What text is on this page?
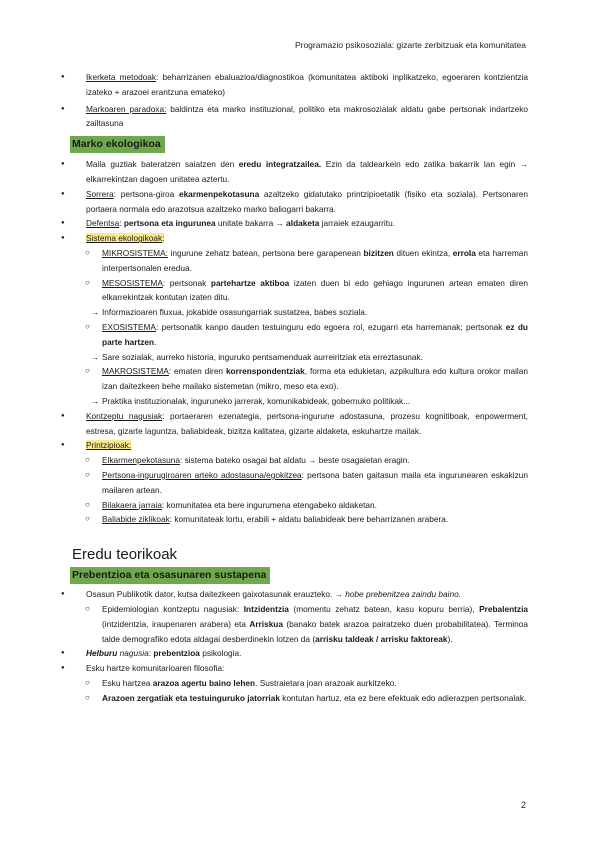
Programazio psikosoziala: gizarte zerbitzuak eta komunitatea

● Ikerketa metodoak: beharrizanen ebaluazioa/diagnostikoa (komunitatea aktiboki inplikatzeko, egoeraren kontzientzia izateko + arazoei erantzuna emateko)

● Markoaren paradoxa: baldintza eta marko instituzional, politiko eta makrosozialak aldatu gabe pertsonak indartzeko zailtasuna

Marko ekologikoa

● Maila guztiak bateratzen saiatzen den eredu integratzailea. Ezin da taldearkein edo zatika bakarrik lan egin → elkarrekintzan dagoen unitatea aztertu.

● Sorrera: pertsona-giroa ekarmenpekotasuna azaltzeko gidatutako printzipioetatik (fisiko eta soziala). Pertsonaren portaera normala edo arazotsua azaltzeko marko baliogarri bakarra.

● Defentsa: pertsona eta ingurunea unitate bakarra → aldaketa jarraiek ezaugarritu.

● Sistema ekologikoak:

○ MIKROSISTEMA: ingurune zehatz batean, pertsona bere garapenean bizitzen dituen ekintza, erroIa eta harreman interpertsonalen eredua.

○ MESOSISTEMA: pertsonak partehartze aktiboa izaten duen bi edo gehiago ingurunen artean ematen diren elkarrekintzak kontutan izaten ditu.

→ Informazioaren fluxua, jokabide osasungarriak sustatzea, babes soziala.

○ EXOSISTEMA: pertsonatik kanpo dauden testuinguru edo egoera rol, ezugarri eta harremanak; pertsonak ez du parte hartzen.

→ Sare sozialak, aurreko historia, inguruko pentsamenduak aurreiritziak eta erreztasunak.

○ MAKROSISTEMA: ematen diren korrenspondentziak, forma eta edukietan, azpikultura edo kultura orokor mailan izan daitezkeen behe mailako sistemetan (mikro, meso eta exo).

→ Praktika instituzionalak, inguruneko jarrerak, komunikabideak, gobernuko politikak...

● Kontzeptu nagusiak: portaeraren ezenategia, pertsona-ingurune adostasuna, prozesu kognitiboak, enpowerment, estresa, gizarte laguntza, baliabideak, bizitza kalitatea, gizarte aldaketa, eskuhartze mailak.

● Printzipioak:

○ Elkarmenpekotasuna: sistema bateko osagai bat aldatu → beste osagaietan eragin.

○ Pertsona-ingurugiroaren arteko adostasuna/egokitzea: pertsona baten gaitasun maila eta ingurunearen eskakizun mailaren artean.

○ Bilakaera jarraia: komunitatea eta bere ingurumena etengabeko aldaketan.

○ Baliabide ziklikoak: komunitateak lortu, erabili + aldatu baliabideak bere beharrizanen arabera.

Eredu teorikoak
Prebentzioa eta osasunaren sustapena

● Osasun Publikotik dator, kutsa daitezkeen gaixotasunak erauzteko. → hobe prebenitzea zaindu baino.

○ Epidemiologian kontzeptu nagusiak: Intzidentzia (momentu zehatz batean, kasu kopuru berria), Prebalentzia (intzidentzia, iraupenaren arabera) eta Arriskua (banako batek arazoa pairatzeko duen probabilitatea). Terminoa talde demografiko edota aldagai desberdinekin lotzen da (arrisku taldeak / arrisku faktoreak).

● Helburu nagusia: prebentzioa psikologia.

● Esku hartze komunitarioaren filosofia:

○ Esku hartzea arazoa agertu baino lehen. Sustraietara joan arazoak aurkitzeko.

○ Arazoen zergatiak eta testuinguruko jatorriak kontutan hartuz, eta ez bere efektuak edo adierazpen pertsonalak.

2
